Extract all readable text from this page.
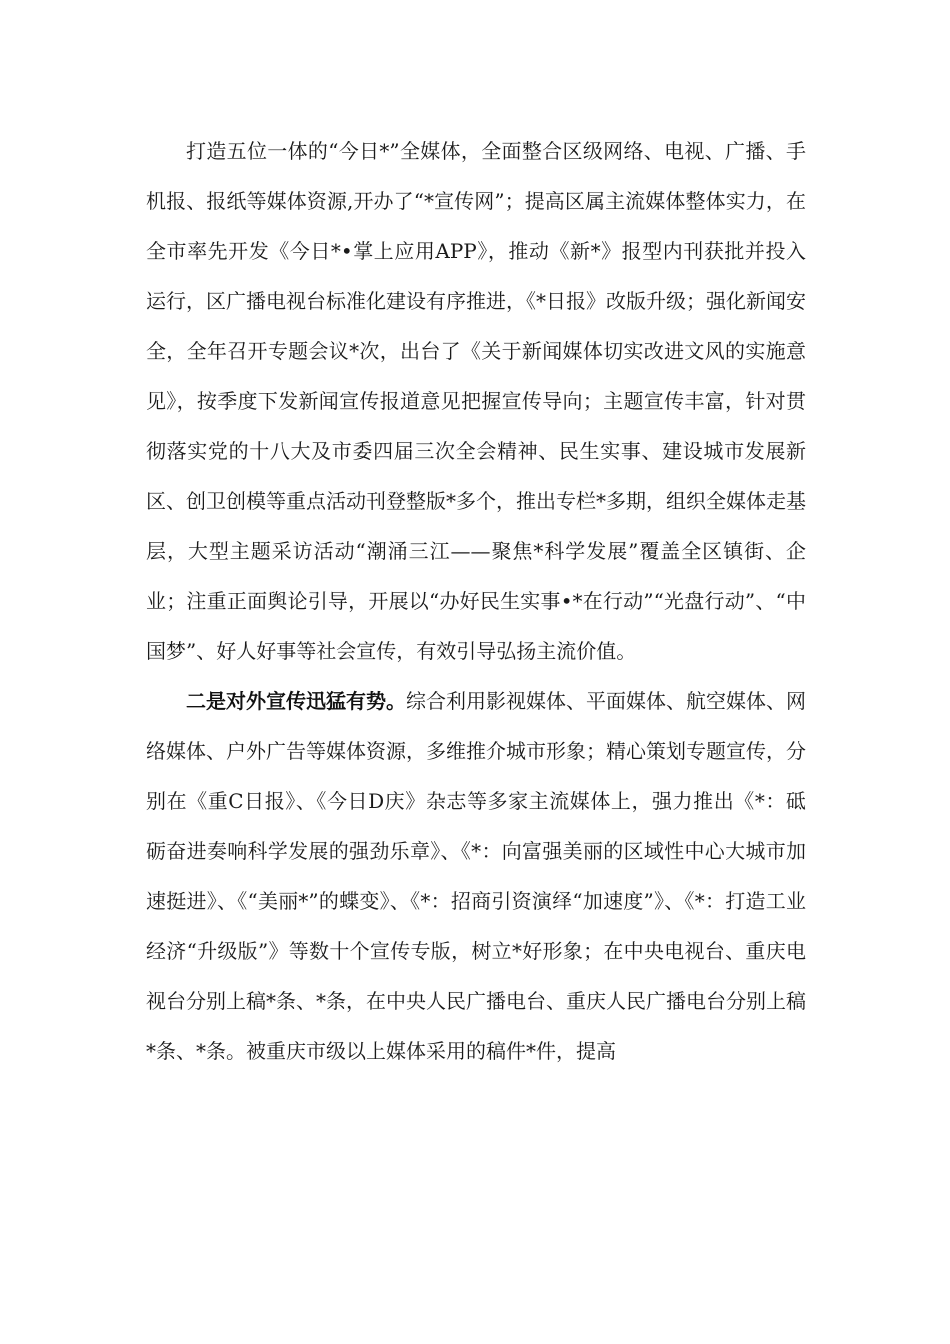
打造五位一体的“今日*”全媒体，全面整合区级网络、电视、广播、手机报、报纸等媒体资源,开办了“*宣传网”；提高区属主流媒体整体实力，在全市率先开发《今日*•掌上应用APP》，推动《新*》报型内刊获批并投入运行，区广播电视台标准化建设有序推进，《*日报》改版升级；强化新闻安全，全年召开专题会议*次，出台了《关于新闻媒体切实改进文风的实施意见》，按季度下发新闻宣传报道意见把握宣传导向；主题宣传丰富，针对贯彻落实党的十八大及市委四届三次全会精神、民生实事、建设城市发展新区、创卫创模等重点活动刊登整版*多个，推出专栏*多期，组织全媒体走基层，大型主题采访活动“潮涌三江——聚焦*科学发展”覆盖全区镇街、企业；注重正面舆论引导，开展以“办好民生实事•*在行动”“光盘行动”、“中国梦”、好人好事等社会宣传，有效引导弘扬主流价值。

二是对外宣传迅猛有势。综合利用影视媒体、平面媒体、航空媒体、网络媒体、户外广告等媒体资源，多维推介城市形象；精心策划专题宣传，分别在《重C日报》、《今日D庆》杂志等多家主流媒体上，强力推出《*：砥砺奋进奏响科学发展的强劲乐章》、《*：向富强美丽的区域性中心大城市加速挺进》、《“美丽*”的蝶变》、《*：招商引资演绎“加速度”》、《*：打造工业经济“升级版”》等数十个宣传专版，树立*好形象；在中央电视台、重庆电视台分别上稿*条、*条，在中央人民广播电台、重庆人民广播电台分别上稿*条、*条。被重庆市级以上媒体采用的稿件*件，提高
